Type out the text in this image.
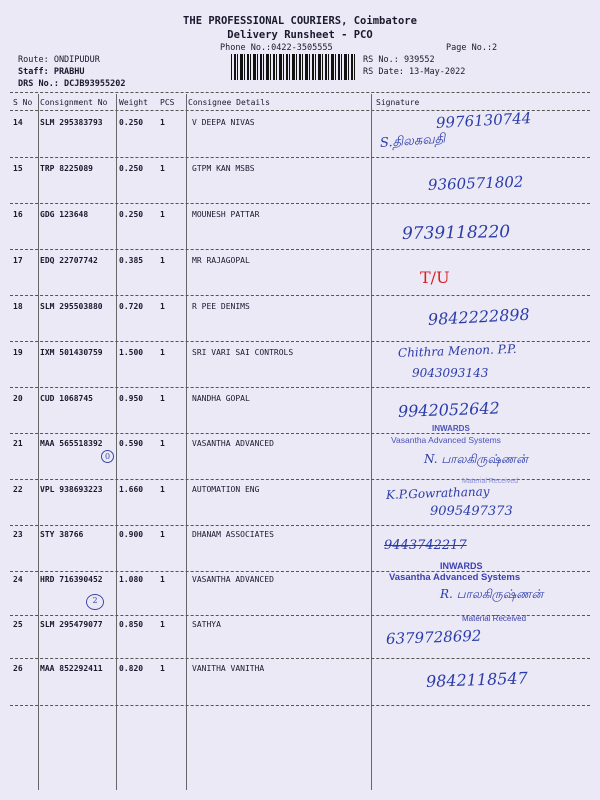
THE PROFESSIONAL COURIERS, Coimbatore
Delivery Runsheet - PCO
Phone No.:0422-3505555	Page No.:2
Route: ONDIPUDUR
Staff: PRABHU
DRS No.: DCJB93955202
RS No.: 939552
RS Date: 13-May-2022
S No Consignment No Weight PCS Consignee Details	Signature
14 SLM 295383793 0.250 1	V DEEPA NIVAS	9976130744
S.திலகவதி
15 TRP 8225089	0.250 1	GTPM KAN MSBS
9360571802
16 GDG 123648	0.250 1	MOUNESH PATTAR
9739118220
17 EDQ 22707742	0.385 1	MR RAJAGOPAL
T/U
18 SLM 295503880 0.720 1	R PEE DENIMS	9842222898
19 IXM 501430759 1.500 1	SRI VARI SAI CONTROLS	Chithra Menon. P.P.
9043093143
20 CUD 1068745	0.950 1	NANDHA GOPAL	9942052642
INWARDS
21 MAA 565518392 0.590 1	VASANTHA ADVANCED
0
Vasantha Advanced Systems
N. பாலகிருஷ்ணன்
22 VPL 938693223 1.660 1	AUTOMATION ENG
Material Received
K.P.Gowrathanay
9095497373
23 STY 38766	0.900 1	DHANAM ASSOCIATES
9443742217
INWARDS
24 HRD 716390452 1.080 1	VASANTHA ADVANCED	Vasantha Advanced Systems
R. பாலகிருஷ்ணன்
2
25 SLM 295479077 0.850 1	SATHYA
Material Received
6379728692
26 MAA 852292411 0.820 1	VANITHA VANITHA	9842118547
